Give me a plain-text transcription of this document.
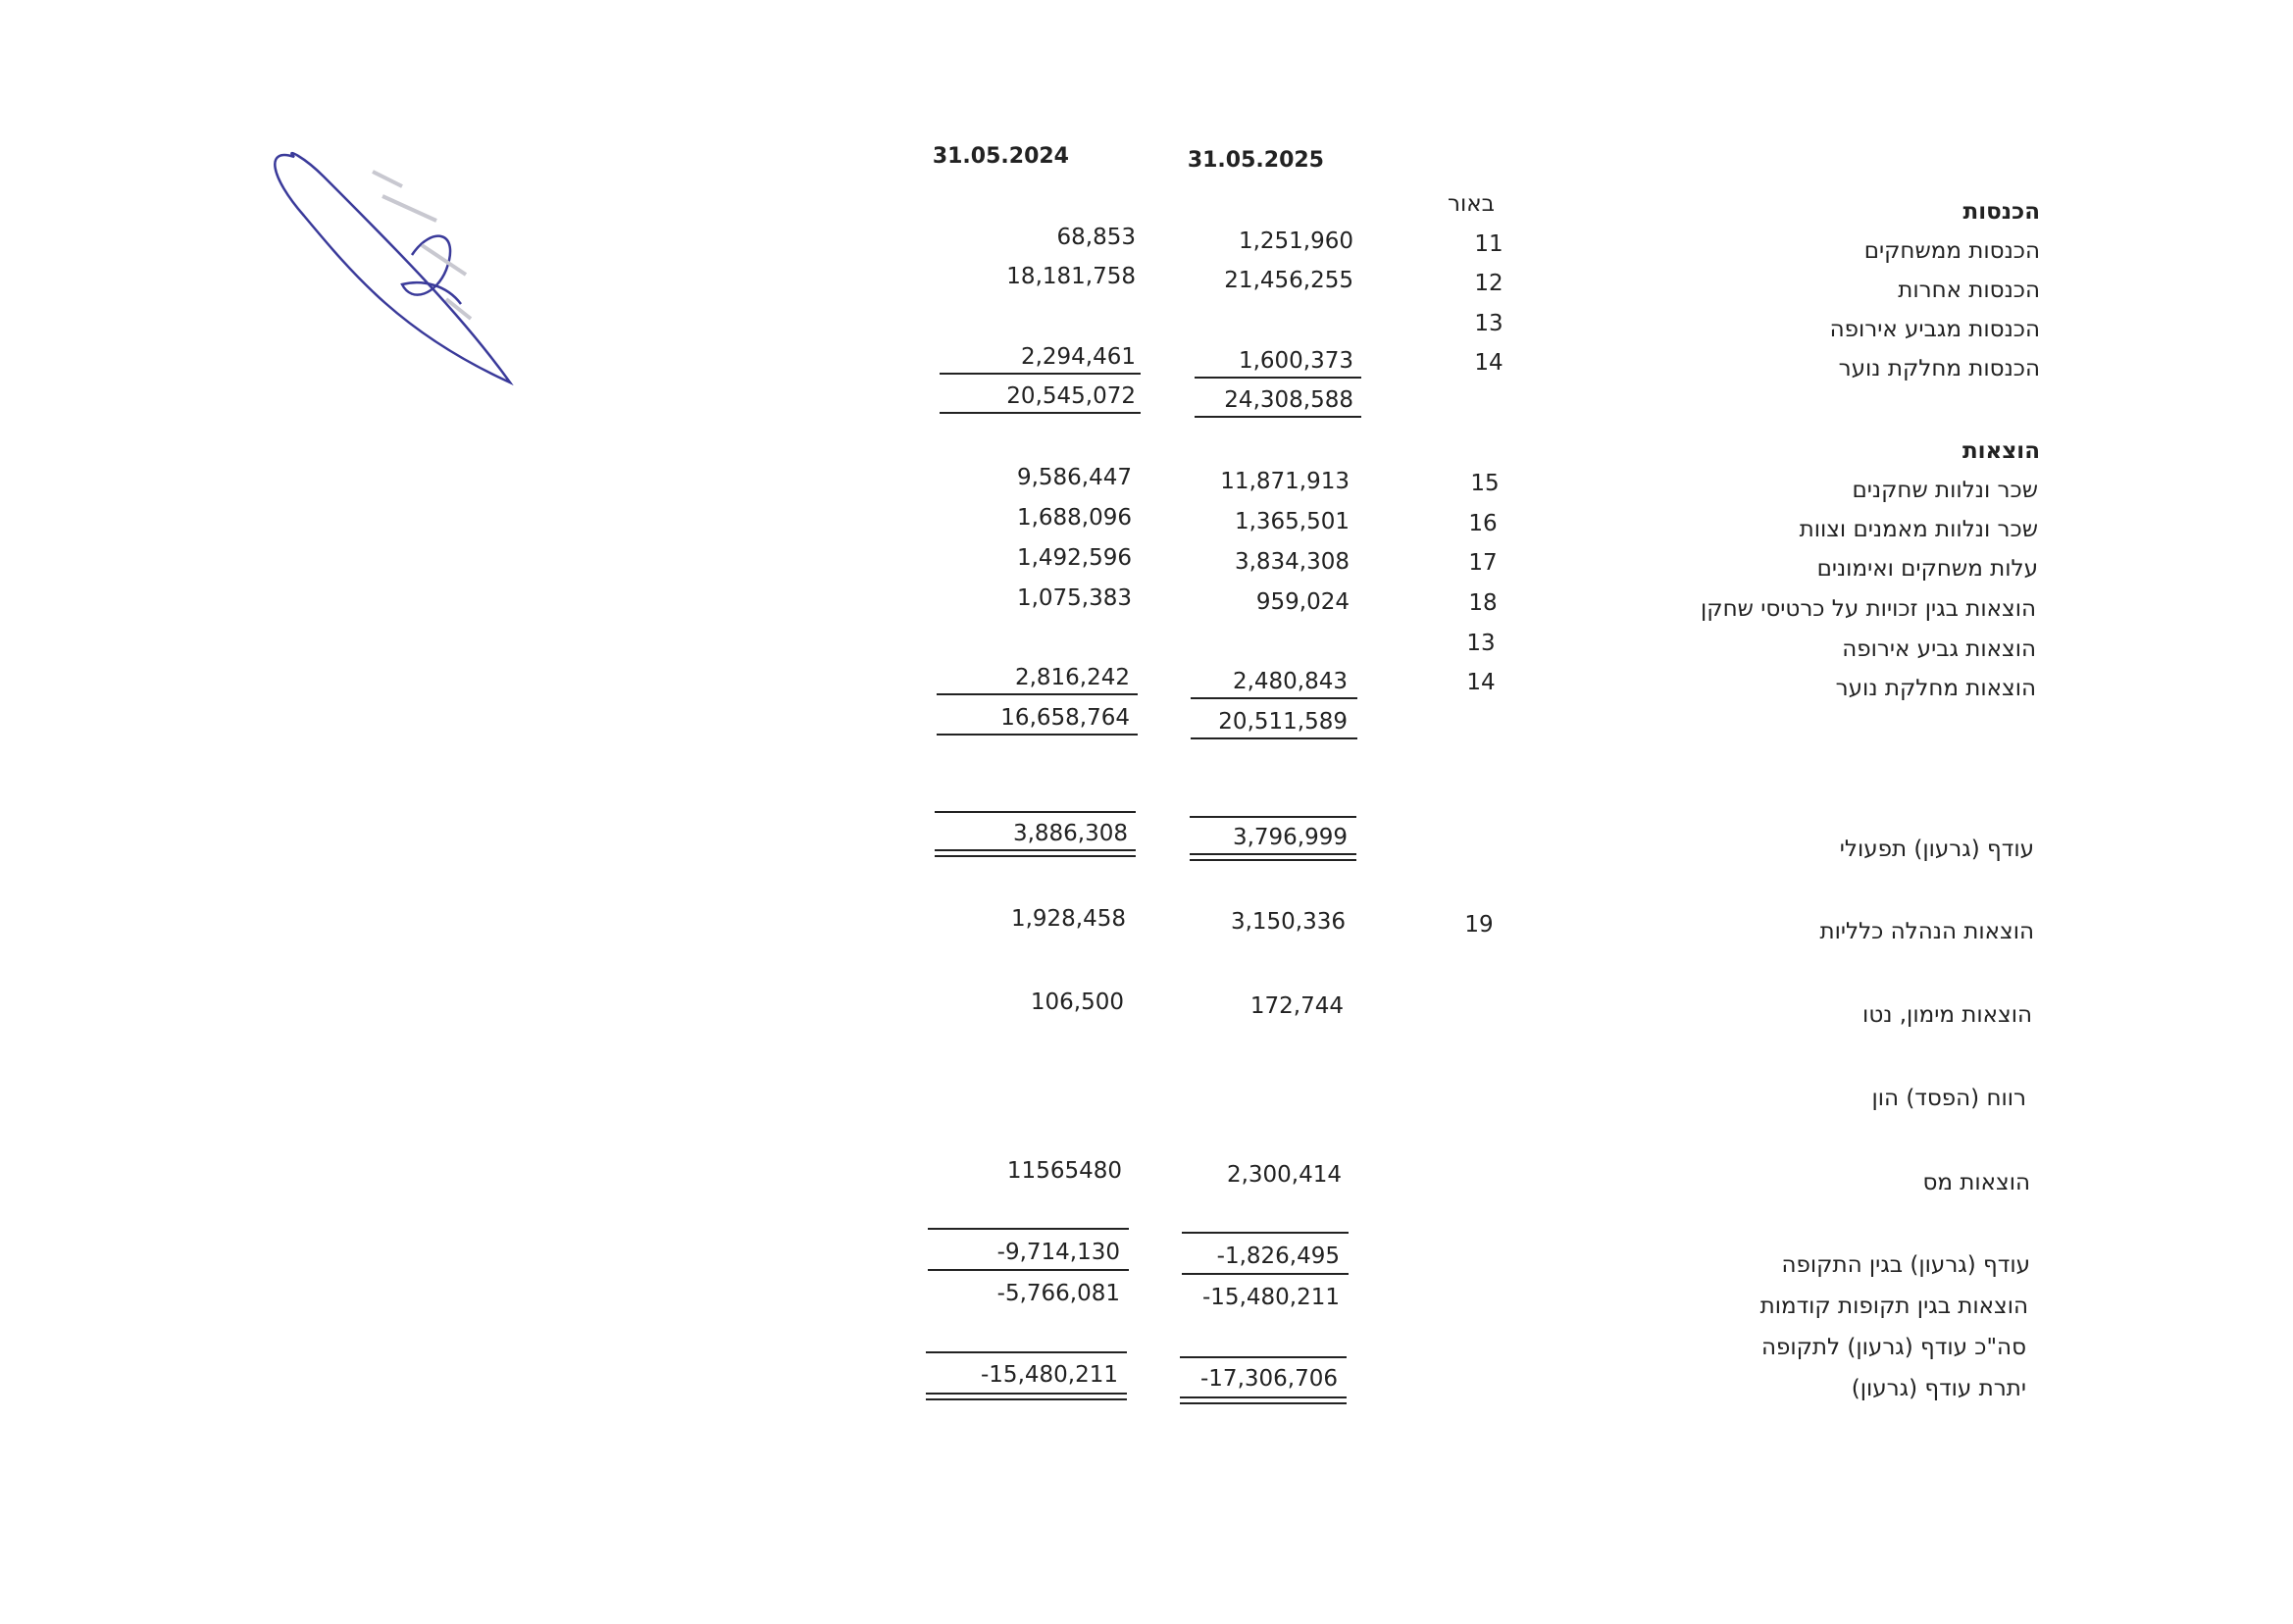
31.05.2024	31.05.2025
באור	הכנסות
הכנסות ממשחקים
11
1,251,960
68,853
הכנסות אחרות
12
21,456,255
18,181,758
הכנסות מגביע אירופה
13
הכנסות מחלקת נוער
14
1,600,373
2,294,461
24,308,588
20,545,072
הוצאות
שכר ונלוות שחקנים
15
11,871,913
9,586,447
שכר ונלוות מאמנים וצוות
16
1,365,501
1,688,096
עלות משחקים ואימונים
17
3,834,308
1,492,596
הוצאות בגין זכויות על כרטיסי שחקן
18
959,024
1,075,383
הוצאות גביע אירופה
13
הוצאות מחלקת נוער
14
2,480,843
2,816,242
20,511,589
16,658,764
עודף (גרעון) תפעולי
3,796,999
3,886,308
הוצאות הנהלה כלליות
19
3,150,336
1,928,458
הוצאות מימון, נטו
172,744
106,500
רווח (הפסד) הון
הוצאות מס
2,300,414
11565480
עודף (גרעון) בגין התקופה
-1,826,495
-9,714,130
הוצאות בגין תקופות קודמות
-15,480,211
-5,766,081
סה"כ עודף (גרעון) לתקופה
יתרת עודף (גרעון)
-17,306,706
-15,480,211
